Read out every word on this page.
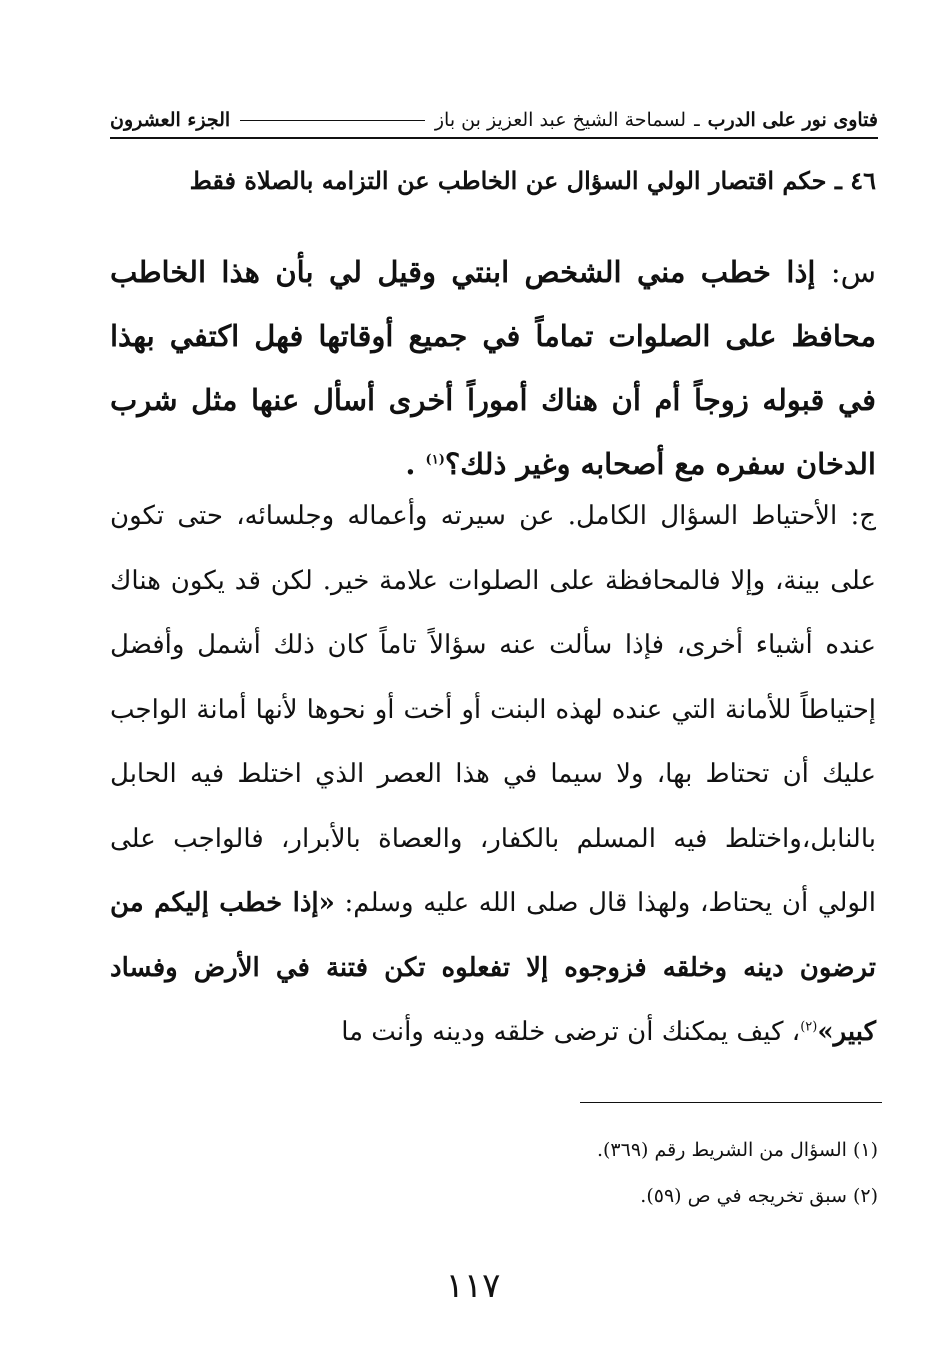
فتاوى نور على الدرب
ـ
لسماحة الشيخ عبد العزيز بن باز
الجزء العشرون
٤٦ ـ حكم اقتصار الولي السؤال عن الخاطب عن التزامه بالصلاة فقط

س: إذا خطب مني الشخص ابنتي وقيل لي بأن هذا الخاطب محافظ على الصلوات تماماً في جميع أوقاتها فهل اكتفي بهذا في قبوله زوجاً أم أن هناك أموراً أخرى أسأل عنها مثل شرب الدخان سفره مع أصحابه وغير ذلك؟$^{(١)}$ .

ج: الأحتياط السؤال الكامل. عن سيرته وأعماله وجلسائه، حتى تكون على بينة، وإلا فالمحافظة على الصلوات علامة خير. لكن قد يكون هناك عنده أشياء أخرى، فإذا سألت عنه سؤالاً تاماً كان ذلك أشمل وأفضل إحتياطاً للأمانة التي عنده لهذه البنت أو أخت أو نحوها لأنها أمانة الواجب عليك أن تحتاط بها، ولا سيما في هذا العصر الذي اختلط فيه الحابل بالنابل،واختلط فيه المسلم بالكفار، والعصاة بالأبرار، فالواجب على الولي أن يحتاط، ولهذا قال صلى الله عليه وسلم: «إذا خطب إليكم من ترضون دينه وخلقه فزوجوه إلا تفعلوه تكن فتنة في الأرض وفساد كبير»$^{(٢)}$، كيف يمكنك أن ترضى خلقه ودينه وأنت ما

(١) السؤال من الشريط رقم (٣٦٩).

(٢) سبق تخريجه في ص (٥٩).

١١٧
